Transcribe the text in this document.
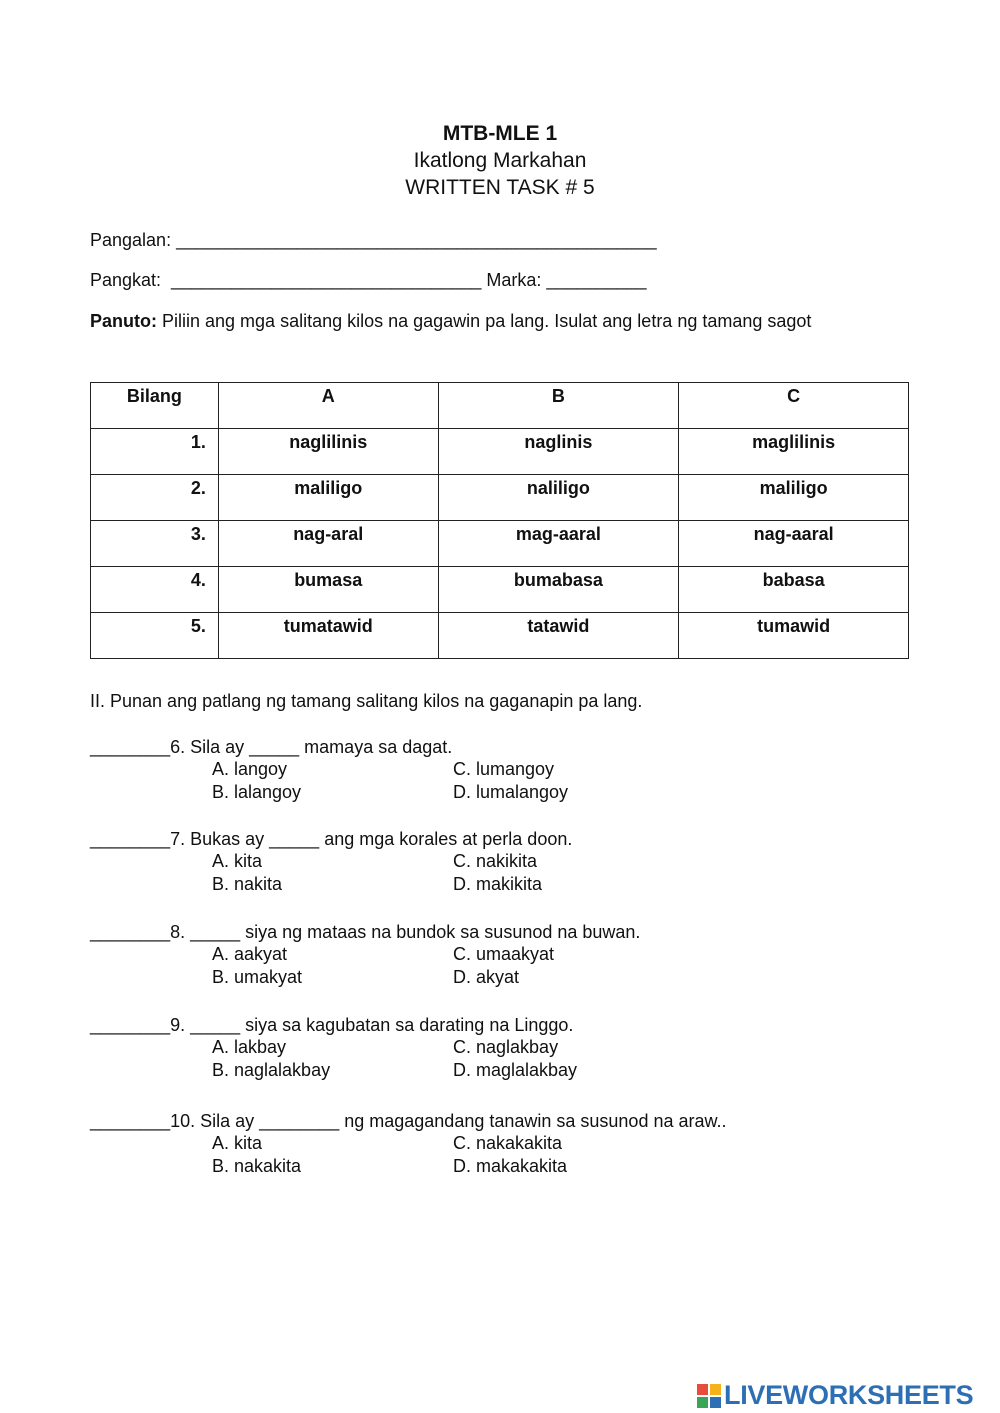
MTB-MLE 1
Ikatlong Markahan
WRITTEN TASK # 5
Pangalan: ________________________________________________
Pangkat:  _______________________________ Marka: __________
Panuto: Piliin ang mga salitang kilos na gagawin pa lang. Isulat ang letra ng tamang sagot
Bilang	A	B	C

1.	naglilinis	naglinis	maglilinis

2.	maliligo	naliligo	maliligo

3.	nag-aral	mag-aaral	nag-aaral

4.	bumasa	bumabasa	babasa

5.	tumatawid	tatawid	tumawid
II. Punan ang patlang ng tamang salitang kilos na gaganapin pa lang.
________6. Sila ay _____ mamaya sa dagat.
A. langoy	C. lumangoy
B. lalangoy	D. lumalangoy
________7. Bukas ay _____ ang mga korales at perla doon.
A. kita	C. nakikita
B. nakita	D. makikita
________8. _____ siya ng mataas na bundok sa susunod na buwan.
A. aakyat	C. umaakyat
B. umakyat	D. akyat
________9. _____ siya sa kagubatan sa darating na Linggo.
A. lakbay	C. naglakbay
B. naglalakbay	D. maglalakbay
________10. Sila ay ________ ng magagandang tanawin sa susunod na araw..
A. kita	C. nakakakita
B. nakakita	D. makakakita
LIVEWORKSHEETS
